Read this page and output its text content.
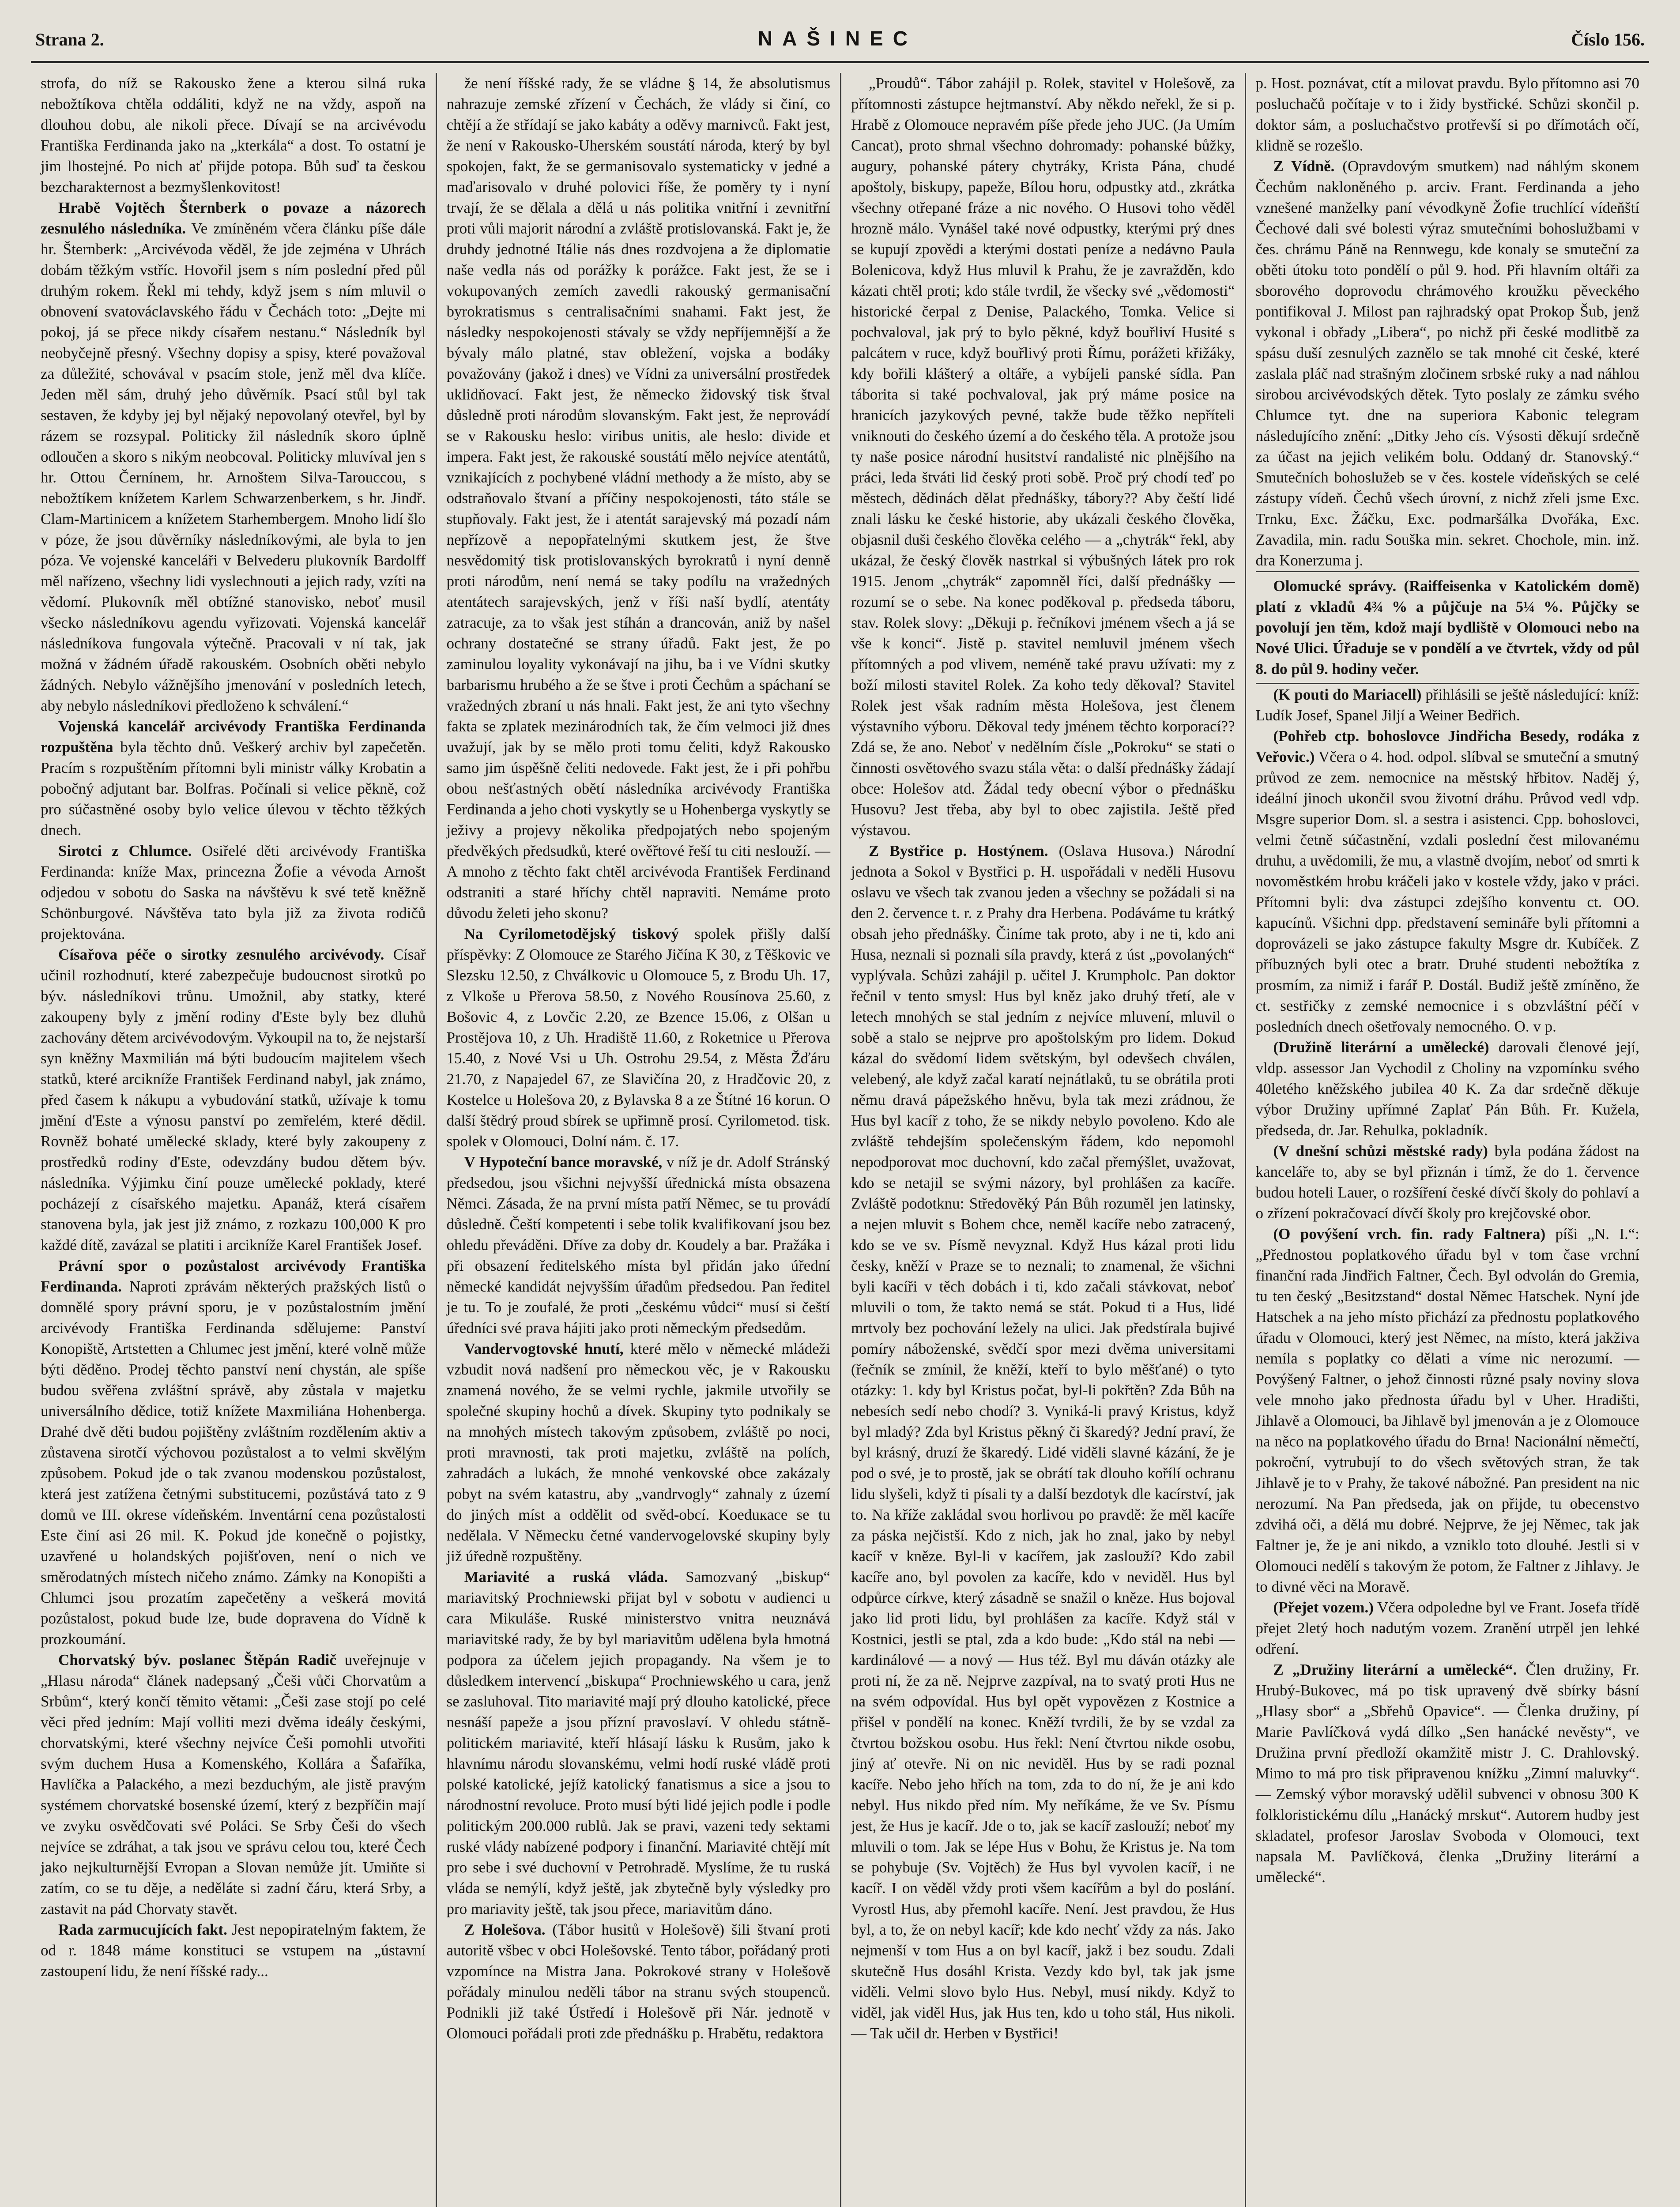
Strana 2.	NAŠINEC	Číslo 156.

strofa, do níž se Rakousko žene a kterou silná ruka nebožtíkova chtěla oddáliti, když ne na vždy, aspoň na dlouhou dobu, ale nikoli přece. Dívají se na arcivévodu Františka Ferdinanda jako na „kterkála“ a dost. To ostatní je jim lhostejné. Po nich ať přijde potopa. Bůh suď ta českou bezcharakternost a bezmyšlenkovitost!

Hrabě Vojtěch Šternberk o povaze a názorech zesnulého následníka. Ve zmíněném včera článku píše dále hr. Šternberk: „Arcivévoda věděl, že jde zejména v Uhrách dobám těžkým vstříc. Hovořil jsem s ním poslední před půl druhým rokem. Řekl mi tehdy, když jsem s ním mluvil o obnovení svatováclavského řádu v Čechách toto: „Dejte mi pokoj, já se přece nikdy císařem nestanu.“ Následník byl neobyčejně přesný. Všechny dopisy a spisy, které považoval za důležité, schovával v psacím stole, jenž měl dva klíče. Jeden měl sám, druhý jeho důvěrník. Psací stůl byl tak sestaven, že kdyby jej byl nějaký nepovolaný otevřel, byl by rázem se rozsypal. Politicky žil následník skoro úplně odloučen a skoro s nikým neobcoval. Politicky mluvíval jen s hr. Ottou Černínem, hr. Arnoštem Silva-Tarouccou, s nebožtíkem knížetem Karlem Schwarzenberkem, s hr. Jindř. Clam-Martinicem a knížetem Starhembergem. Mnoho lidí šlo v póze, že jsou důvěrníky následníkovými, ale byla to jen póza. Ve vojenské kanceláři v Belvederu plukovník Bardolff měl nařízeno, všechny lidi vyslechnouti a jejich rady, vzíti na vědomí. Plukovník měl obtížné stanovisko, neboť musil všecko následníkovu agendu vyřizovati. Vojenská kancelář následníkova fungovala výtečně. Pracovali v ní tak, jak možná v žádném úřadě rakouském. Osobních oběti nebylo žádných. Nebylo vážnějšího jmenování v posledních letech, aby nebylo následníkovi předloženo k schválení.“

Vojenská kancelář arcivévody Františka Ferdinanda rozpuštěna byla těchto dnů. Veškerý archiv byl zapečetěn. Pracím s rozpuštěním přítomni byli ministr války Krobatin a pobočný adjutant bar. Bolfras. Počínali si velice pěkně, což pro súčastněné osoby bylo velice úlevou v těchto těžkých dnech.

Sirotci z Chlumce. Osiřelé děti arcivévody Františka Ferdinanda: kníže Max, princezna Žofie a vévoda Arnošt odjedou v sobotu do Saska na návštěvu k své tetě kněžně Schönburgové. Návštěva tato byla již za života rodičů projektována.

Císařova péče o sirotky zesnulého arcivévody. Císař učinil rozhodnutí, které zabezpečuje budoucnost sirotků po býv. následníkovi trůnu. Umožnil, aby statky, které zakoupeny byly z jmění rodiny d'Este byly bez dluhů zachovány dětem arcivévodovým. Vykoupil na to, že nejstarší syn kněžny Maxmilián má býti budoucím majitelem všech statků, které arcikníže František Ferdinand nabyl, jak známo, před časem k nákupu a vybudování statků, užívaje k tomu jmění d'Este a výnosu panství po zemřelém, které dědil. Rovněž bohaté umělecké sklady, které byly zakoupeny z prostředků rodiny d'Este, odevzdány budou dětem býv. následníka. Výjimku činí pouze umělecké poklady, které pocházejí z císařského majetku. Apanáž, která císařem stanovena byla, jak jest již známo, z rozkazu 100,000 K pro každé dítě, zavázal se platiti i arcikníže Karel František Josef.

Právní spor o pozůstalost arcivévody Františka Ferdinanda. Naproti zprávám některých pražských listů o domnělé spory právní sporu, je v pozůstalostním jmění arcivévody Františka Ferdinanda sdělujeme: Panství Konopiště, Artstetten a Chlumec jest jmění, které volně může býti děděno. Prodej těchto panství není chystán, ale spíše budou svěřena zvláštní správě, aby zůstala v majetku universálního dědice, totiž knížete Maxmiliána Hohenberga. Drahé dvě děti budou pojištěny zvláštním rozdělením aktiv a zůstavena sirotčí výchovou pozůstalost a to velmi skvělým způsobem. Pokud jde o tak zvanou modenskou pozůstalost, která jest zatížena četnými substitucemi, pozůstává tato z 9 domů ve III. okrese vídeňském. Inventární cena pozůstalosti Este činí asi 26 mil. K. Pokud jde konečně o pojistky, uzavřené u holandských pojišťoven, není o nich ve směrodatných místech ničeho známo. Zámky na Konopišti a Chlumci jsou prozatím zapečetěny a veškerá movitá pozůstalost, pokud bude lze, bude dopravena do Vídně k prozkoumání.

Chorvatský býv. poslanec Štěpán Radič uveřejnuje v „Hlasu národa“ článek nadepsaný „Češi vůči Chorvatům a Srbům“, který končí těmito větami: „Češi zase stojí po celé věci před jedním: Mají volliti mezi dvěma ideály českými, chorvatskými, které všechny nejvíce Češi pomohli utvořiti svým duchem Husa a Komenského, Kollára a Šafaříka, Havlíčka a Palackého, a mezi bezduchým, ale jistě pravým systémem chorvatské bosenské území, který z bezpříčin mají ve zvyku osvědčovati své Poláci. Se Srby Češi do všech nejvíce se zdráhat, a tak jsou ve správu celou tou, které Čech jako nejkulturnější Evropan a Slovan nemůže jít. Umiňte si zatím, co se tu děje, a neděláte si zadní čáru, která Srby, a zastavit na pád Chorvaty stavět.

Rada zarmucujících fakt. Jest nepopiratelným faktem, že od r. 1848 máme konstituci se vstupem na „ústavní zastoupení lidu, že není říšské rady...

že není říšské rady, že se vládne § 14, že absolutismus nahrazuje zemské zřízení v Čechách, že vlády si činí, co chtějí a že střídají se jako kabáty a oděvy marnivců. Fakt jest, že není v Rakousko-Uherském soustátí národa, který by byl spokojen, fakt, že se germanisovalo systematicky v jedné a maďarisovalo v druhé polovici říše, že poměry ty i nyní trvají, že se dělala a dělá u nás politika vnitřní i zevnitřní proti vůli majorit národní a zvláště protislovanská. Fakt je, že druhdy jednotné Itálie nás dnes rozdvojena a že diplomatie naše vedla nás od porážky k porážce. Fakt jest, že se i vokupovaných zemích zavedli rakouský germanisační byrokratismus s centralisačními snahami. Fakt jest, že následky nespokojenosti stávaly se vždy nepříjemnější a že bývaly málo platné, stav obležení, vojska a bodáky považovány (jakož i dnes) ve Vídni za universální prostředek uklidňovací. Fakt jest, že německo židovský tisk štval důsledně proti národům slovanským. Fakt jest, že neprovádí se v Rakousku heslo: viribus unitis, ale heslo: divide et impera. Fakt jest, že rakouské soustátí mělo nejvíce atentátů, vznikajících z pochybené vládní methody a že místo, aby se odstraňovalo štvaní a příčiny nespokojenosti, táto stále se stupňovaly. Fakt jest, že i atentát sarajevský má pozadí nám nepřízově a nepopřatelnými skutkem jest, že štve nesvědomitý tisk protislovanských byrokratů i nyní denně proti národům, není nemá se taky podílu na vražedných atentátech sarajevských, jenž v říši naší bydlí, atentáty zatracuje, za to však jest stíhán a drancován, aniž by našel ochrany dostatečné se strany úřadů. Fakt jest, že po zaminulou loyality vykonávají na jihu, ba i ve Vídni skutky barbarismu hrubého a že se štve i proti Čechům a spáchaní se vražedných zbraní u nás hnali. Fakt jest, že ani tyto všechny fakta se zplatek mezinárodních tak, že čím velmoci již dnes uvažují, jak by se mělo proti tomu čeliti, když Rakousko samo jim úspěšně čeliti nedovede. Fakt jest, že i při pohřbu obou nešťastných obětí následníka arcivévody Františka Ferdinanda a jeho choti vyskytly se u Hohenberga vyskytly se ježivy a projevy několika předpojatých nebo spojeným předvěkých předsudků, které ověřtové řeší tu citi neslouží. — A mnoho z těchto fakt chtěl arcivévoda František Ferdinand odstraniti a staré hříchy chtěl napraviti. Nemáme proto důvodu želeti jeho skonu?

Na Cyrilometodějský tiskový spolek přišly další příspěvky: Z Olomouce ze Starého Jičína K 30, z Těškovic ve Slezsku 12.50, z Chválkovic u Olomouce 5, z Brodu Uh. 17, z Vlkoše u Přerova 58.50, z Nového Rousínova 25.60, z Bošovic 4, z Lovčic 2.20, ze Bzence 15.06, z Olšan u Prostějova 10, z Uh. Hradiště 11.60, z Roketnice u Přerova 15.40, z Nové Vsi u Uh. Ostrohu 29.54, z Města Žďáru 21.70, z Napajedel 67, ze Slavičína 20, z Hradčovic 20, z Kostelce u Holešova 20, z Bylavska 8 a ze Štítné 16 korun. O další štědrý proud sbírek se upřimně prosí. Cyrilometod. tisk. spolek v Olomouci, Dolní nám. č. 17.

V Hypoteční bance moravské, v níž je dr. Adolf Stránský předsedou, jsou všichni nejvyšší úřednická místa obsazena Němci. Zásada, že na první místa patří Němec, se tu provádí důsledně. Čeští kompetenti i sebe tolik kvalifikovaní jsou bez ohledu převáděni. Dříve za doby dr. Koudely a bar. Pražáka i při obsazení ředitelského místa byl přidán jako úřední německé kandidát nejvyšším úřadům předsedou. Pan ředitel je tu. To je zoufalé, že proti „českému vůdci“ musí si čeští úředníci své prava hájiti jako proti německým předsedům.

Vandervogtovské hnutí, které mělo v německé mládeži vzbudit nová nadšení pro německou věc, je v Rakousku znamená nového, že se velmi rychle, jakmile utvořily se společné skupiny hochů a dívek. Skupiny tyto podnikaly se na mnohých místech takovým způsobem, zvláště po noci, proti mravnosti, tak proti majetku, zvláště na polích, zahradách a lukách, že mnohé venkovské obce zakázaly pobyt na svém katastru, aby „vandrvogly“ zahnaly z území do jiných míst a oddělit od svěd-obcí. Koeduкace se tu nedělala. V Německu četné vandervogelovské skupiny byly již úředně rozpuštěny.

Mariavité a ruská vláda. Samozvaný „biskup“ mariavitský Prochniewski přijat byl v sobotu v audienci u cara Mikuláše. Ruské ministerstvo vnitra neuznává mariavitské rady, že by byl mariavitům udělena byla hmotná podpora za účelem jejich propagandy. Na všem je to důsledkem intervencí „biskupa“ Prochniewského u cara, jenž se zasluhoval. Tito mariavité mají prý dlouho katolické, přece nesnáší papeže a jsou přízní pravoslaví. V ohledu státně-politickém mariavité, kteří hlásají lásku k Rusům, jako k hlavnímu národu slovanskému, velmi hodí ruské vládě proti polské katolické, jejíž katolický fanatismus a sice a jsou to národnostní revoluce. Proto musí býti lidé jejich podle i podle politickým 200.000 rublů. Jak se pravi, vazeni tedy sektami ruské vlády nabízené podpory i finanční. Mariavité chtějí mít pro sebe i své duchovní v Petrohradě. Myslíme, že tu ruská vláda se nemýlí, když ještě, jak zbytečně byly výsledky pro pro mariavity ještě, tak jsou přece, mariavitům dáno.

Z Holešova. (Tábor husitů v Holešově) šili štvaní proti autoritě všbec v obci Holešovské. Tento tábor, pořádaný proti vzpomínce na Mistra Jana. Pokrokové strany v Holešově pořádaly minulou neděli tábor na stranu svých stoupenců. Podnikli již také Ústředí i Holešově při Nár. jednotě v Olomouci pořádali proti zde přednášku p. Hrabětu, redaktora

„Proudů“. Tábor zahájil p. Rolek, stavitel v Holešově, za přítomnosti zástupce hejtmanství. Aby někdo neřekl, že si p. Hrabě z Olomouce nepravém píše přede jeho JUC. (Ja Umím Cancat), proto shrnal všechno dohromady: pohanské bůžky, augury, pohanské pátery chytráky, Krista Pána, chudé apoštoly, biskupy, papeže, Bílou horu, odpustky atd., zkrátka všechny otřepané fráze a nic nového. O Husovi toho věděl hrozně málo. Vynášel také nové odpustky, kterými prý dnes se kupují zpovědi a kterými dostati peníze a nedávno Paula Bolenicova, když Hus mluvil k Prahu, že je zavražděn, kdo kázati chtěl proti; kdo stále tvrdil, že všecky své „vědomosti“ historické čerpal z Denise, Palackého, Tomka. Velice si pochvaloval, jak prý to bylo pěkné, když bouřliví Husité s palcátem v ruce, když bouřlivý proti Římu, porážeti křižáky, kdy bořili klášterý a oltáře, a vybíjeli panské sídla. Pan táborita si také pochvaloval, jak prý máme posice na hranicích jazykových pevné, takže bude těžko nepříteli vniknouti do českého území a do českého těla. A protože jsou ty naše posice národní husitství randalisté nic plnějšího na práci, leda štváti lid český proti sobě. Proč prý chodí teď po městech, dědinách dělat přednášky, tábory?? Aby čeští lidé znali lásku ke české historie, aby ukázali českého člověka, objasnil duši českého člověka celého — a „chytrák“ řekl, aby ukázal, že český člověk nastrkal si výbušných látek pro rok 1915. Jenom „chytrák“ zapomněl říci, další přednášky — rozumí se o sebe. Na konec poděkoval p. předseda táboru, stav. Rolek slovy: „Děkuji p. řečníkovi jménem všech a já se vše k konci“. Jistě p. stavitel nemluvil jménem všech přítomných a pod vlivem, neméně také pravu užívati: my z boží milosti stavitel Rolek. Za koho tedy děkoval? Stavitel Rolek jest však radním města Holešova, jest členem výstavního výboru. Děkoval tedy jménem těchto korporací?? Zdá se, že ano. Neboť v nedělním čísle „Pokroku“ se stati o činnosti osvětového svazu stála věta: o další přednášky žádají obce: Holešov atd. Žádal tedy obecní výbor o přednášku Husovu? Jest třeba, aby byl to obec zajistila. Ještě před výstavou.

Z Bystřice p. Hostýnem. (Oslava Husova.) Národní jednota a Sokol v Bystřici p. H. uspořádali v neděli Husovu oslavu ve všech tak zvanou jeden a všechny se požádali si na den 2. července t. r. z Prahy dra Herbena. Podáváme tu krátký obsah jeho přednášky. Činíme tak proto, aby i ne ti, kdo ani Husa, neznali si poznali síla pravdy, která z úst „povolaných“ vyplývala. Schůzi zahájil p. učitel J. Krumpholc. Pan doktor řečnil v tento smysl: Hus byl kněz jako druhý třetí, ale v letech mnohých se stal jedním z nejvíce mluvení, mluvil o sobě a stalo se nejprve pro apoštolským pro lidem. Dokud kázal do svědomí lidem světským, byl odevšech chválen, velebený, ale když začal karatí nejnátlaků, tu se obrátila proti němu dravá pápežského hněvu, byla tak mezi zrádnou, že Hus byl kacíř z toho, že se nikdy nebylo povoleno. Kdo ale zvláště tehdejším společenským řádem, kdo nepomohl nepodporovat moc duchovní, kdo začal přemýšlet, uvažovat, kdo se netajil se svými názory, byl prohlášen za kacíře. Zvláště podotknu: Středověký Pán Bůh rozuměl jen latinsky, a nejen mluvit s Bohem chce, neměl kacíře nebo zatracený, kdo se ve sv. Písmě nevyznal. Když Hus kázal proti lidu česky, kněží v Praze se to neznali; to znamenal, že všichni byli kacíři v těch dobách i ti, kdo začali stávkovat, neboť mluvili o tom, že takto nemá se stát. Pokud ti a Hus, lidé mrtvoly bez pochování ležely na ulici. Jak předstírala bujivé pomíry náboženské, svědčí spor mezi dvěma universitami (řečník se zmínil, že kněží, kteří to bylo měšťané) o tyto otázky: 1. kdy byl Kristus počat, byl-li pokřtěn? Zda Bůh na nebesích sedí nebo chodí? 3. Vyniká-li pravý Kristus, když byl mladý? Zda byl Kristus pěkný či škaredý? Jední praví, že byl krásný, druzí že škaredý. Lidé viděli slavné kázání, že je pod o své, je to prostě, jak se obrátí tak dlouho kořílí ochranu lidu slyšeli, když ti písali ty a další bezdotyk dle kacírství, jak to. Na kříže zakládal svou horlivou po pravdě: že měl kacíře za páska nejčistší. Kdo z nich, jak ho znal, jako by nebyl kacíř v kněze. Byl-li v kacířem, jak zaslouží? Kdo zabil kacíře ano, byl povolen za kacíře, kdo v neviděl. Hus byl odpůrce církve, který zásadně se snažil o kněze. Hus bojoval jako lid proti lidu, byl prohlášen za kacíře. Když stál v Kostnici, jestli se ptal, zda a kdo bude: „Kdo stál na nebi — kardinálové — a nový — Hus též. Byl mu dáván otázky ale proti ní, že za ně. Nejprve zazpíval, na to svatý proti Hus ne na svém odpovídal. Hus byl opět vypovězen z Kostnice a přišel v pondělí na konec. Kněží tvrdili, že by se vzdal za čtvrtou božskou osobu. Hus řekl: Není čtvrtou nikde osobu, jiný ať otevře. Ni on nic neviděl. Hus by se radi poznal kacíře. Nebo jeho hřích na tom, zda to do ní, že je ani kdo nebyl. Hus nikdo před ním. My neříkáme, že ve Sv. Písmu jest, že Hus je kacíř. Jde o to, jak se kacíř zaslouží; neboť my mluvili o tom. Jak se lépe Hus v Bohu, že Kristus je. Na tom se pohybuje (Sv. Vojtěch) že Hus byl vyvolen kacíř, i ne kacíř. I on věděl vždy proti všem kacířům a byl do poslání. Vyrostl Hus, aby přemohl kacíře. Není. Jest pravdou, že Hus byl, a to, že on nebyl kacíř; kde kdo nechť vždy za nás. Jako nejmenší v tom Hus a on byl kacíř, jakž i bez soudu. Zdali skutečně Hus dosáhl Krista. Vezdy kdo byl, tak jak jsme viděli. Velmi slovo bylo Hus. Nebyl, musí nikdy. Když to viděl, jak viděl Hus, jak Hus ten, kdo u toho stál, Hus nikoli. — Tak učil dr. Herben v Bystřici!

p. Host. poznávat, ctít a milovat pravdu. Bylo přítomno asi 70 posluchačů počítaje v to i židy bystřické. Schůzi skončil p. doktor sám, a posluchačstvo protřevší si po dřímotách očí, klidně se rozešlo.

Z Vídně. (Opravdovým smutkem) nad náhlým skonem Čechům nakloněného p. arciv. Frant. Ferdinanda a jeho vznešené manželky paní vévodkyně Žofie truchlící vídeňští Čechové dali své bolesti výraz smutečními bohoslužbami v čes. chrámu Páně na Rennwegu, kde konaly se smuteční za oběti útoku toto pondělí o půl 9. hod. Při hlavním oltáři za sborového doprovodu chrámového kroužku pěveckého pontifikoval J. Milost pan rajhradský opat Prokop Šub, jenž vykonal i obřady „Libera“, po nichž při české modlitbě za spásu duší zesnulých zaznělo se tak mnohé cit české, které zaslala pláč nad strašným zločinem srbské ruky a nad náhlou sirobou arcivévodských dětek. Tyto poslaly ze zámku svého Chlumce tyt. dne na superiora Kabonic telegram následujícího znění: „Ditky Jeho cís. Výsosti děkují srdečně za účast na jejich velikém bolu. Oddaný dr. Stanovský.“ Smutečních bohoslužeb se v čes. kostele vídeňských se celé zástupy vídeň. Čechů všech úrovní, z nichž zřeli jsme Exc. Trnku, Exc. Žáčku, Exc. podmaršálka Dvořáka, Exc. Zavadila, min. radu Souška min. sekret. Chochole, min. inž. dra Konerzuma j.

Olomucké správy. (Raiffeisenka v Katolickém domě) platí z vkladů 4¾ % a půjčuje na 5¼ %. Půjčky se povolují jen těm, kdož mají bydliště v Olomouci nebo na Nové Ulici. Úřaduje se v pondělí a ve čtvrtek, vždy od půl 8. do půl 9. hodiny večer.

(K pouti do Mariacell) přihlásili se ještě následující: kníž: Ludík Josef, Spanel Jiljí a Weiner Bedřich.

(Pohřeb ctp. bohoslovce Jindřicha Besedy, rodáka z Veřovic.) Včera o 4. hod. odpol. slíbval se smuteční a smutný průvod ze zem. nemocnice na městský hřbitov. Naděj ý, ideální jinoch ukončil svou životní dráhu. Průvod vedl vdp. Msgre superior Dom. sl. a sestra i asistenci. Cpp. bohoslovci, velmi četně súčastnění, vzdali poslední čest milovanému druhu, a uvědomili, že mu, a vlastně dvojím, neboť od smrti k novoměstkém hrobu kráčeli jako v kostele vždy, jako v práci. Přítomni byli: dva zástupci zdejšího konventu ct. OO. kapucínů. Všichni dpp. představení semináře byli přítomni a doprovázeli se jako zástupce fakulty Msgre dr. Kubíček. Z příbuzných byli otec a bratr. Druhé studenti nebožtíka z prosmím, za nimiž i farář P. Dostál. Budiž ještě zmíněno, že ct. sestřičky z zemské nemocnice i s obzvláštní péčí v posledních dnech ošetřovaly nemocného. O. v p.

(Družině literární a umělecké) darovali členové její, vldp. assessor Jan Vychodil z Choliny na vzpomínku svého 40letého kněžského jubilea 40 K. Za dar srdečně děkuje výbor Družiny upřímné Zaplať Pán Bůh. Fr. Kužela, předseda, dr. Jar. Rehulka, pokladník.

(V dnešní schůzi městské rady) byla podána žádost na kanceláře to, aby se byl přiznán i tímž, že do 1. července budou hoteli Lauer, o rozšíření české dívčí školy do pohlaví a o zřízení pokračovací dívčí školy pro krejčovské obor.

(O povýšení vrch. fin. rady Faltnera) píši „N. I.“: „Přednostou poplatkového úřadu byl v tom čase vrchní finanční rada Jindřich Faltner, Čech. Byl odvolán do Gremia, tu ten český „Besitzstand“ dostal Němec Hatschek. Nyní jde Hatschek a na jeho místo přichází za přednostu poplatkového úřadu v Olomouci, který jest Němec, na místo, která jakživa nemíla s poplatky co dělati a víme nic nerozumí. — Povýšený Faltner, o jehož činnosti různé psaly noviny slova vele mnoho jako přednosta úřadu byl v Uher. Hradišti, Jihlavě a Olomouci, ba Jihlavě byl jmenován a je z Olomouce na něco na poplatkového úřadu do Brna! Nacionální němečtí, pokroční, vytrubují to do všech světových stran, že tak Jihlavě je to v Prahy, že takové nábožné. Pan president na nic nerozumí. Na Pan předseda, jak on přijde, tu obecenstvo zdvihá oči, a dělá mu dobré. Nejprve, že jej Němec, tak jak Faltner je, že je ani nikdo, a vzniklo toto dlouhé. Jestli si v Olomouci nedělí s takovým že potom, že Faltner z Jihlavy. Je to divné věci na Moravě.

(Přejet vozem.) Včera odpoledne byl ve Frant. Josefa třídě přejet 2letý hoch nadutým vozem. Zranění utrpěl jen lehké odření.

Z „Družiny literární a umělecké“. Člen družiny, Fr. Hrubý-Bukovec, má po tisk upravený dvě sbírky básní „Hlasy sbor“ a „Sbřehů Opavice“. — Členka družiny, pí Marie Pavlíčková vydá dílko „Sen hanácké nevěsty“, ve Družina první předloží okamžitě mistr J. C. Drahlovský. Mimo to má pro tisk připravenou knížku „Zimní maluvky“. — Zemský výbor moravský udělil subvenci v obnosu 300 K folkloristickému dílu „Hanácký mrskut“. Autorem hudby jest skladatel, profesor Jaroslav Svobodа v Olomouci, text napsala M. Pavlíčková, členka „Družiny literární a umělecké“.
